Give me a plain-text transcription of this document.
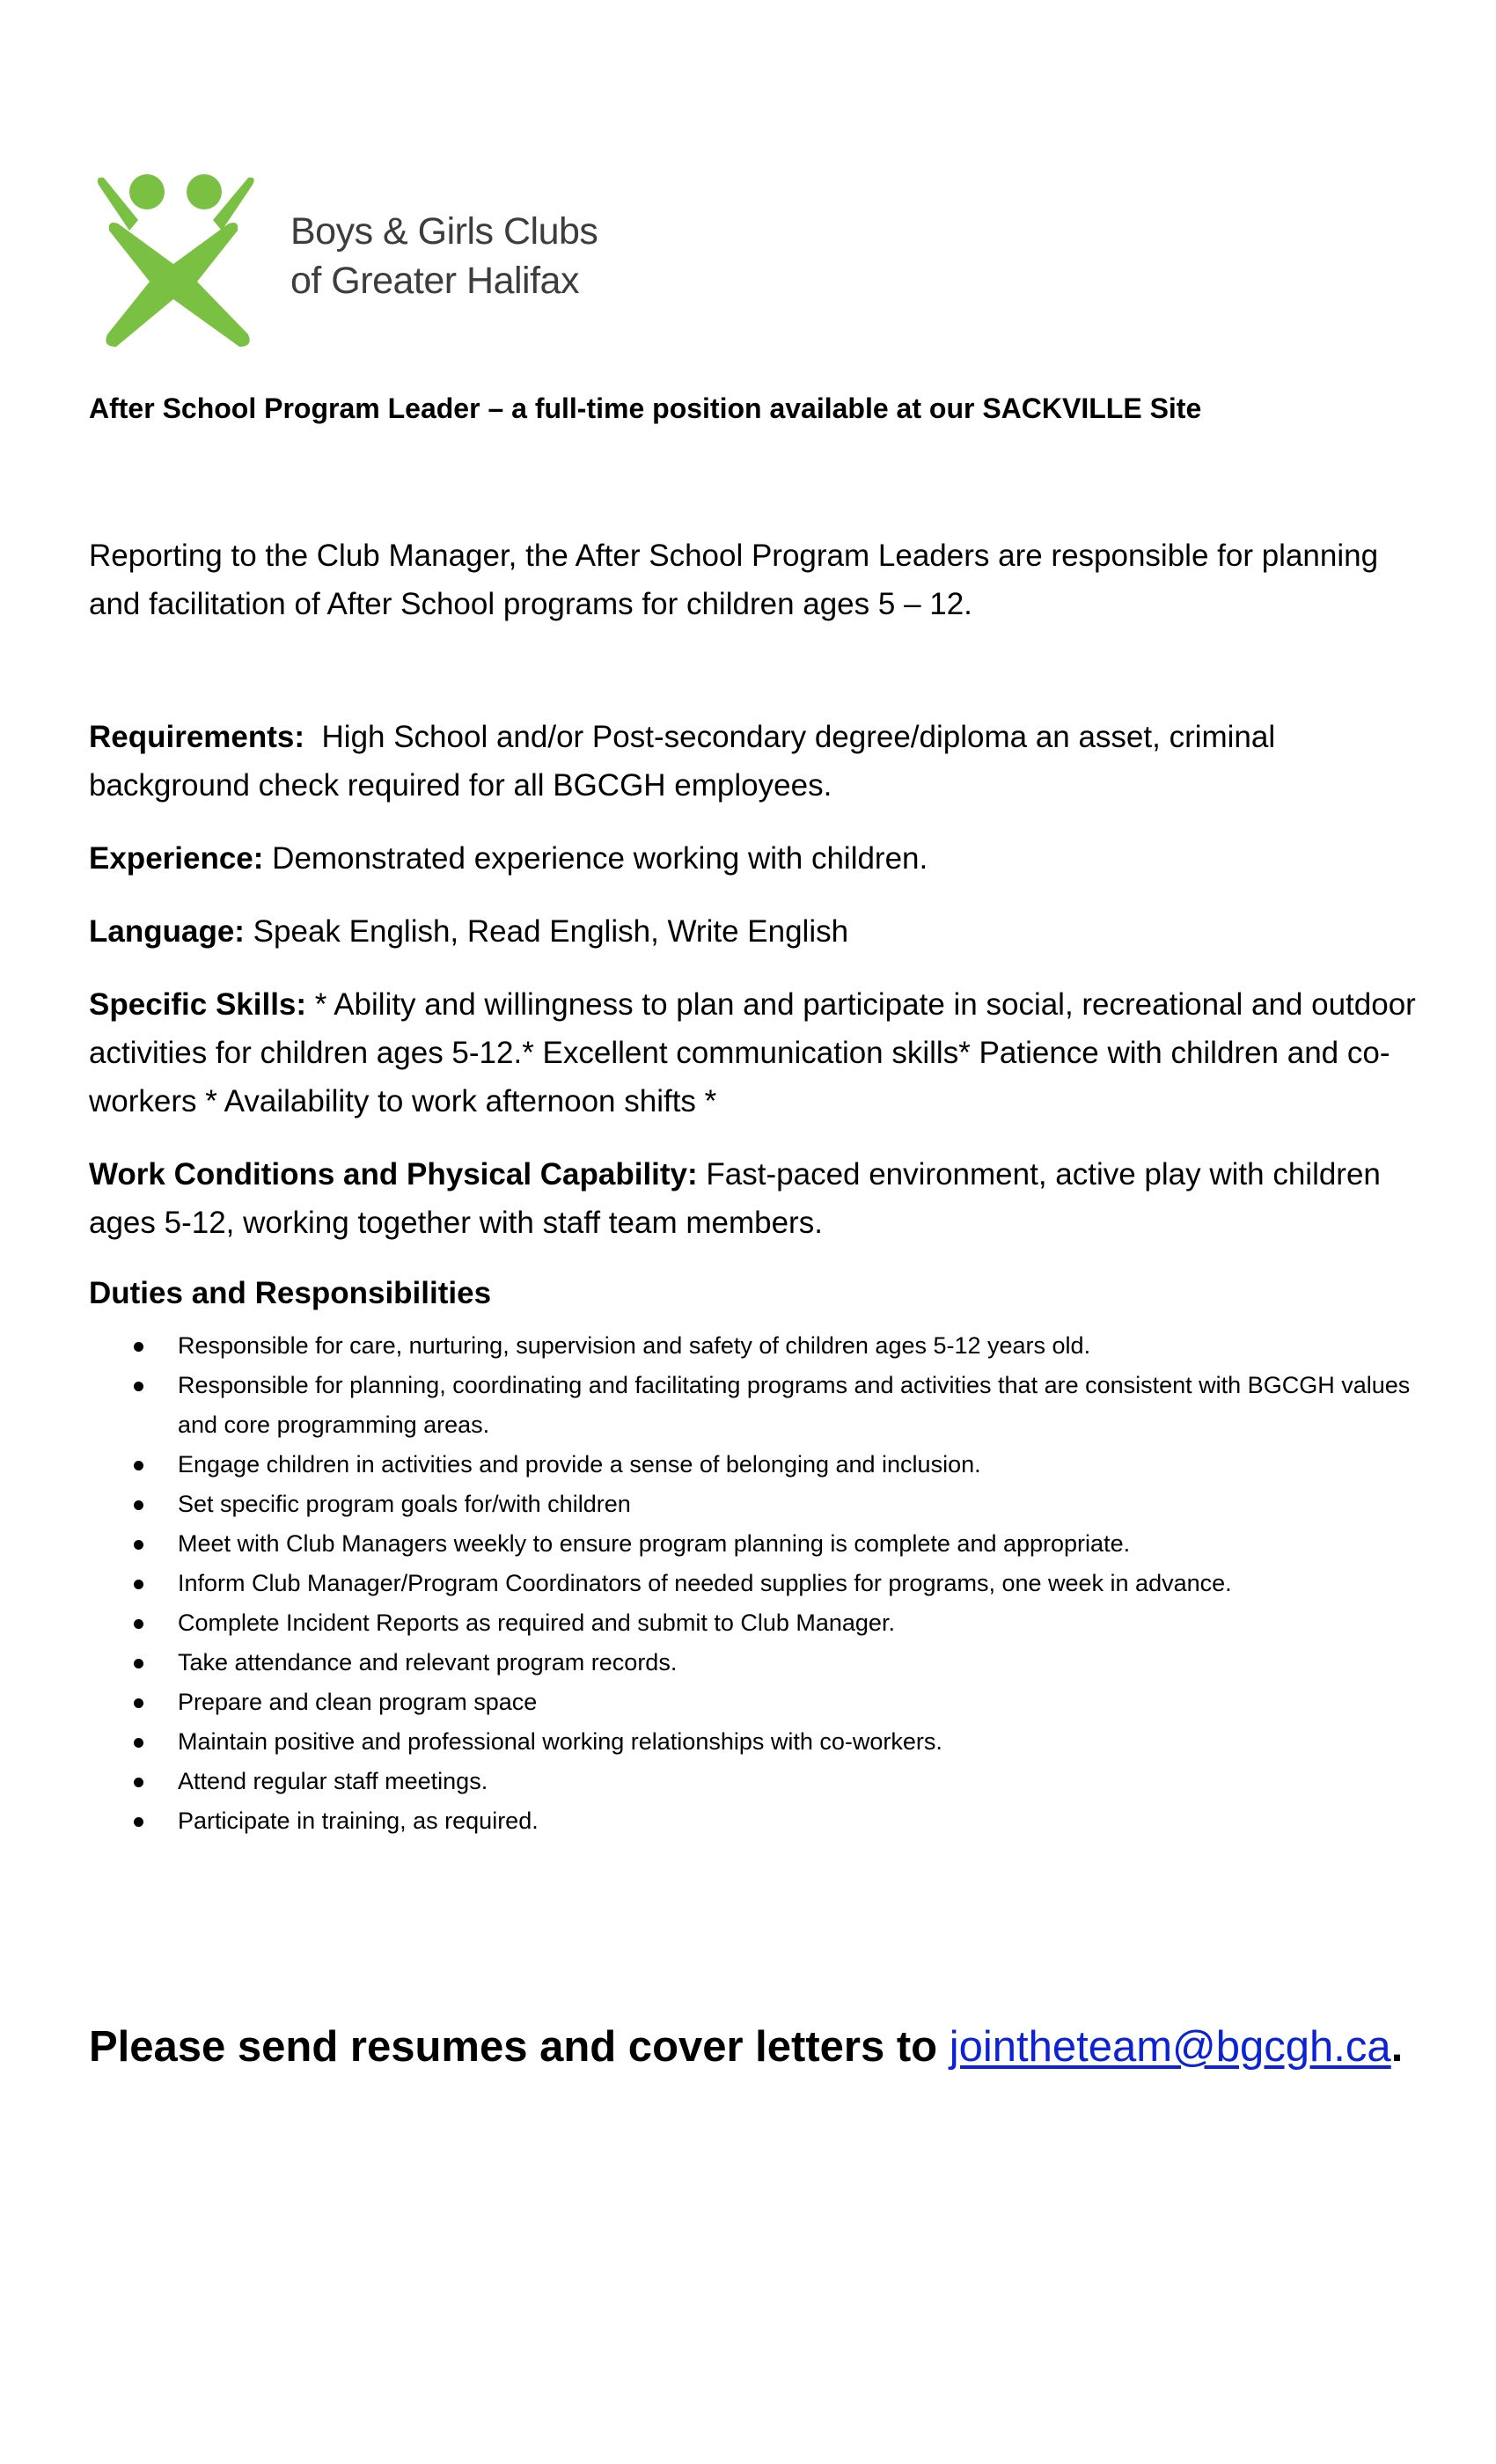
Boys & Girls Clubs
of Greater Halifax
After School Program Leader – a full-time position available at our SACKVILLE Site

Reporting to the Club Manager, the After School Program Leaders are responsible for planning and facilitation of After School programs for children ages 5 – 12.

Requirements:  High School and/or Post-secondary degree/diploma an asset, criminal background check required for all BGCGH employees.

Experience: Demonstrated experience working with children.

Language: Speak English, Read English, Write English

Specific Skills: * Ability and willingness to plan and participate in social, recreational and outdoor activities for children ages 5-12.* Excellent communication skills* Patience with children and co-workers * Availability to work afternoon shifts *

Work Conditions and Physical Capability: Fast-paced environment, active play with children ages 5-12, working together with staff team members.

Duties and Responsibilities

Responsible for care, nurturing, supervision and safety of children ages 5-12 years old.
Responsible for planning, coordinating and facilitating programs and activities that are consistent with BGCGH values and core programming areas.
Engage children in activities and provide a sense of belonging and inclusion.
Set specific program goals for/with children
Meet with Club Managers weekly to ensure program planning is complete and appropriate.
Inform Club Manager/Program Coordinators of needed supplies for programs, one week in advance.
Complete Incident Reports as required and submit to Club Manager.
Take attendance and relevant program records.
Prepare and clean program space
Maintain positive and professional working relationships with co-workers.
Attend regular staff meetings.
Participate in training, as required.

Please send resumes and cover letters to jointheteam@bgcgh.ca.
